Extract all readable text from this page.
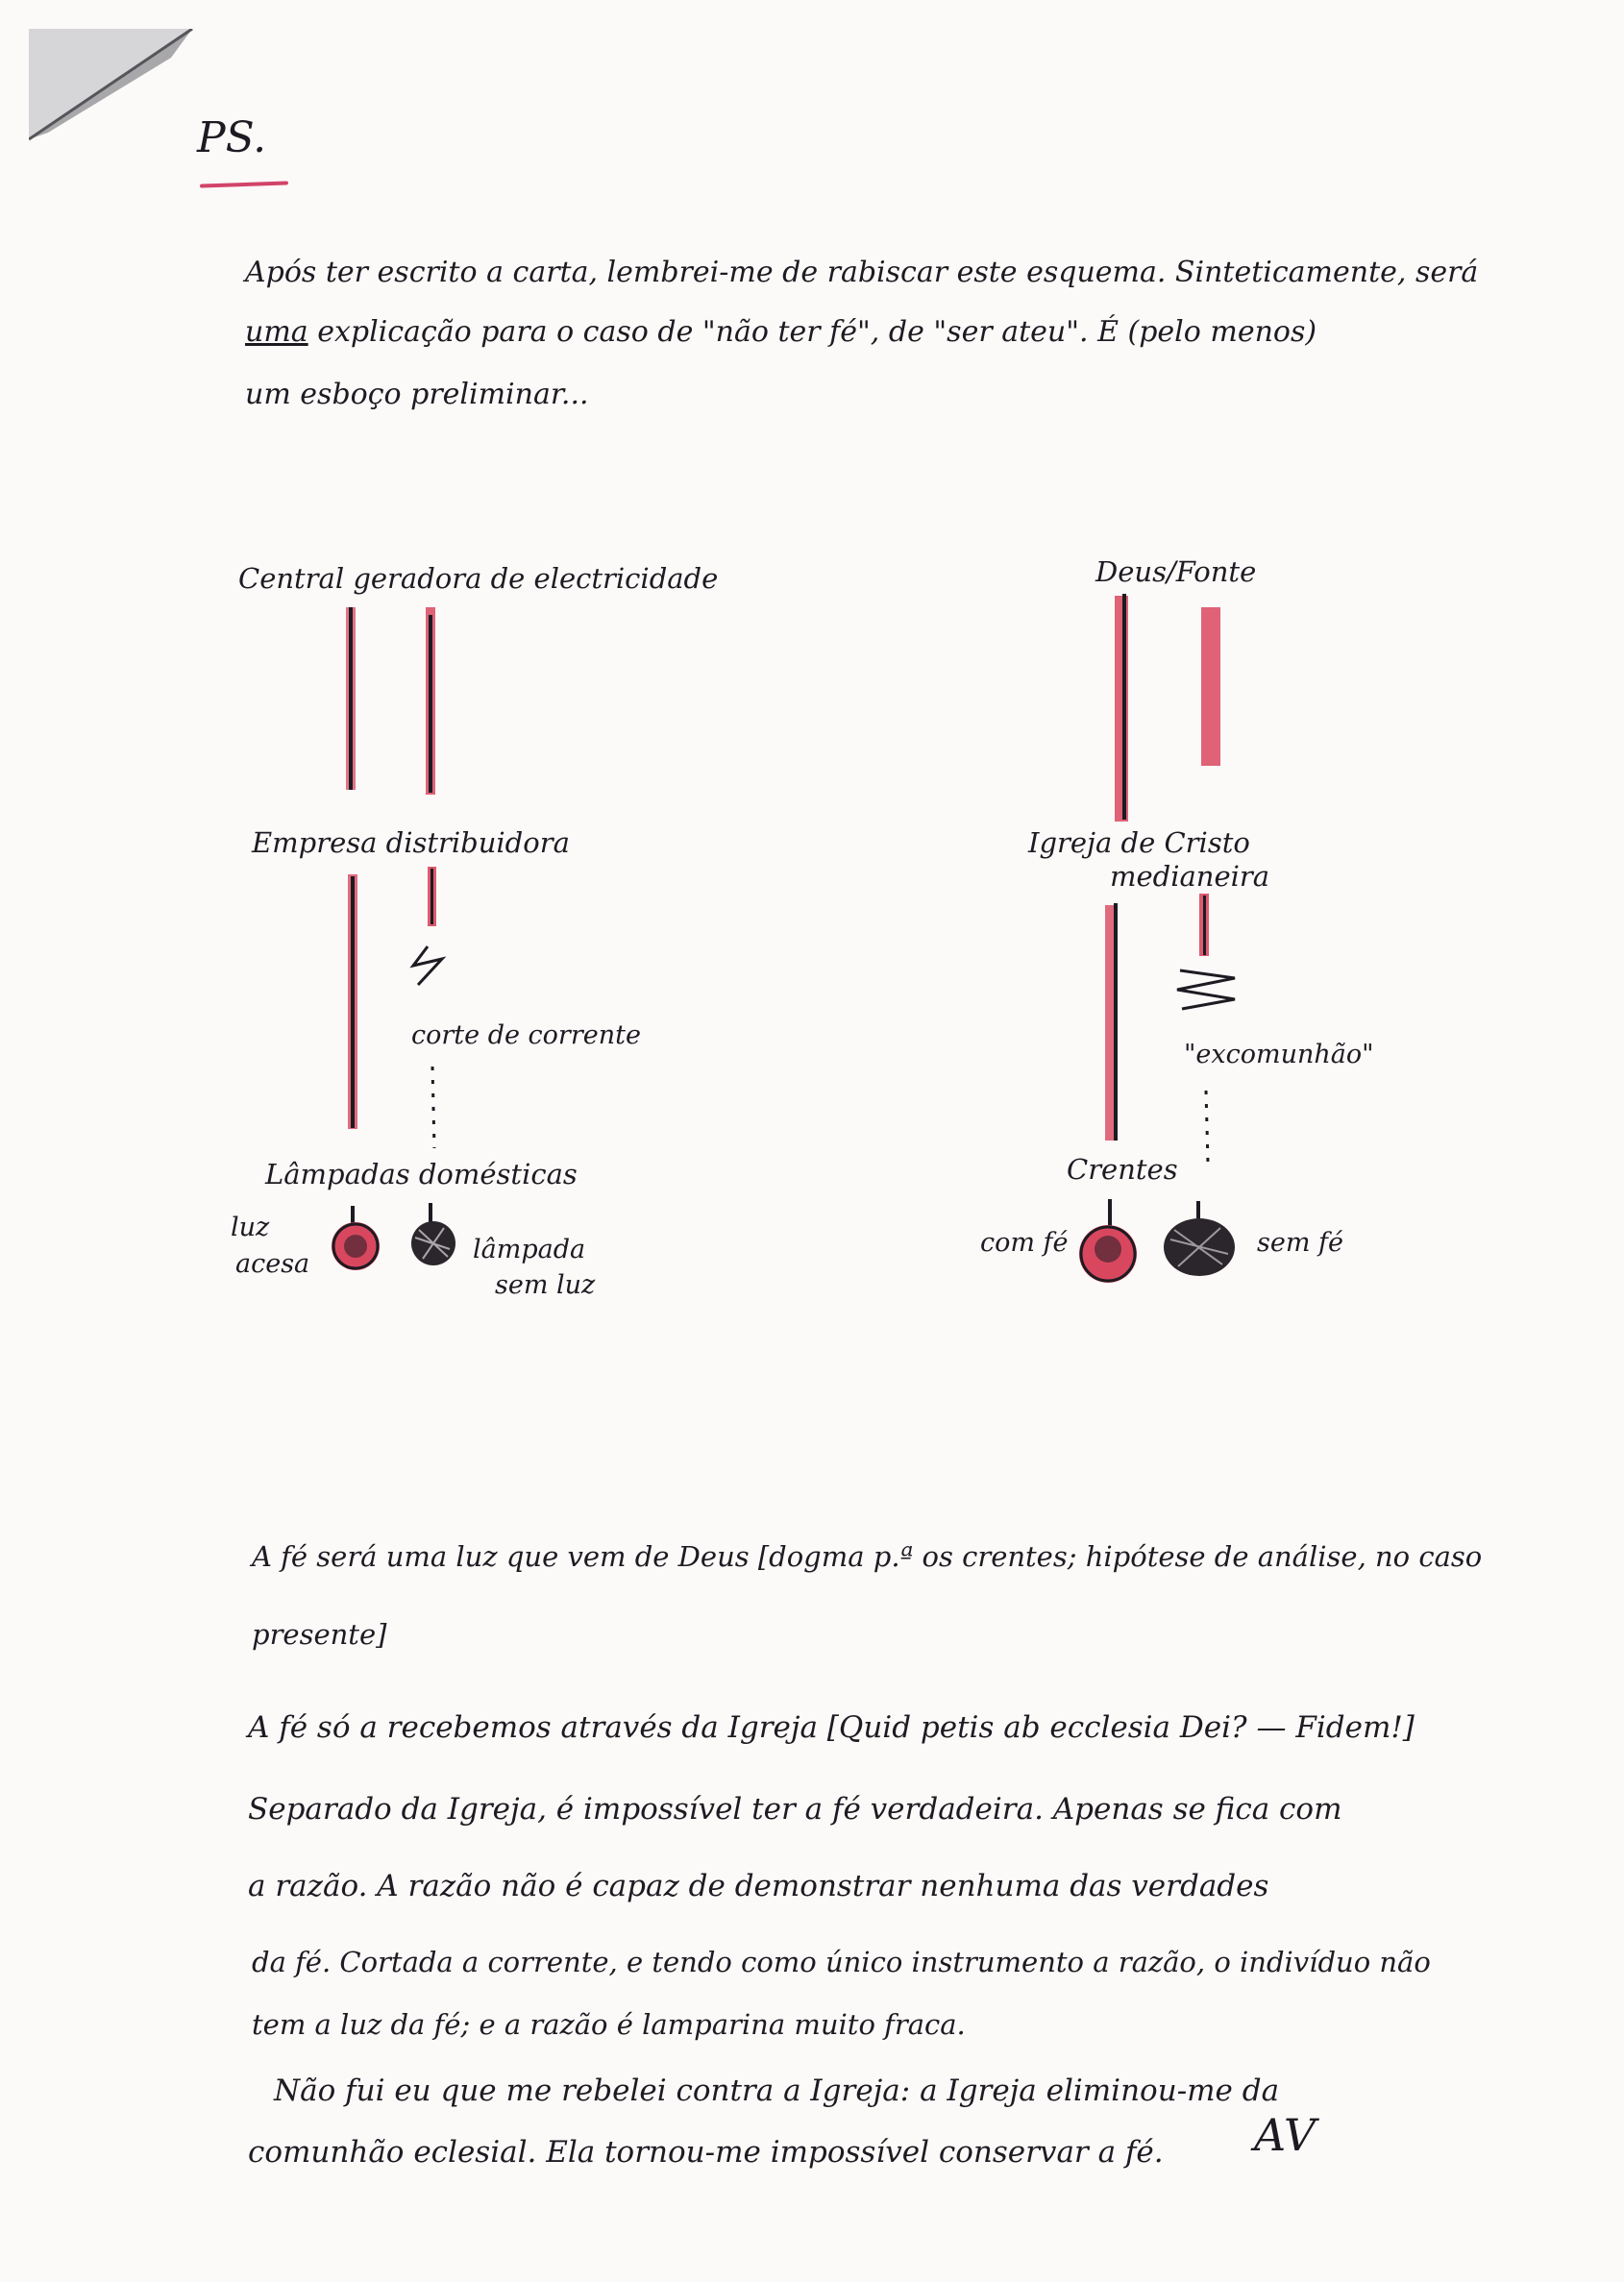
PS.
Após ter escrito a carta, lembrei-me de rabiscar este esquema. Sinteticamente, será
uma explicação para o caso de "não ter fé", de "ser ateu". É (pelo menos)
um esboço preliminar...
Central geradora de electricidade
Empresa distribuidora
corte de corrente
Lâmpadas domésticas
luz
acesa	lâmpada
sem luz
Deus/Fonte
Igreja de Cristo
medianeira
"excomunhão"
Crentes
com fé	sem fé
A fé será uma luz que vem de Deus [dogma p.ª os crentes; hipótese de análise, no caso
presente]
A fé só a recebemos através da Igreja [Quid petis ab ecclesia Dei? — Fidem!]
Separado da Igreja, é impossível ter a fé verdadeira. Apenas se fica com
a razão. A razão não é capaz de demonstrar nenhuma das verdades
da fé. Cortada a corrente, e tendo como único instrumento a razão, o indivíduo não
tem a luz da fé; e a razão é lamparina muito fraca.
Não fui eu que me rebelei contra a Igreja: a Igreja eliminou-me da
comunhão eclesial. Ela tornou-me impossível conservar a fé. AV
